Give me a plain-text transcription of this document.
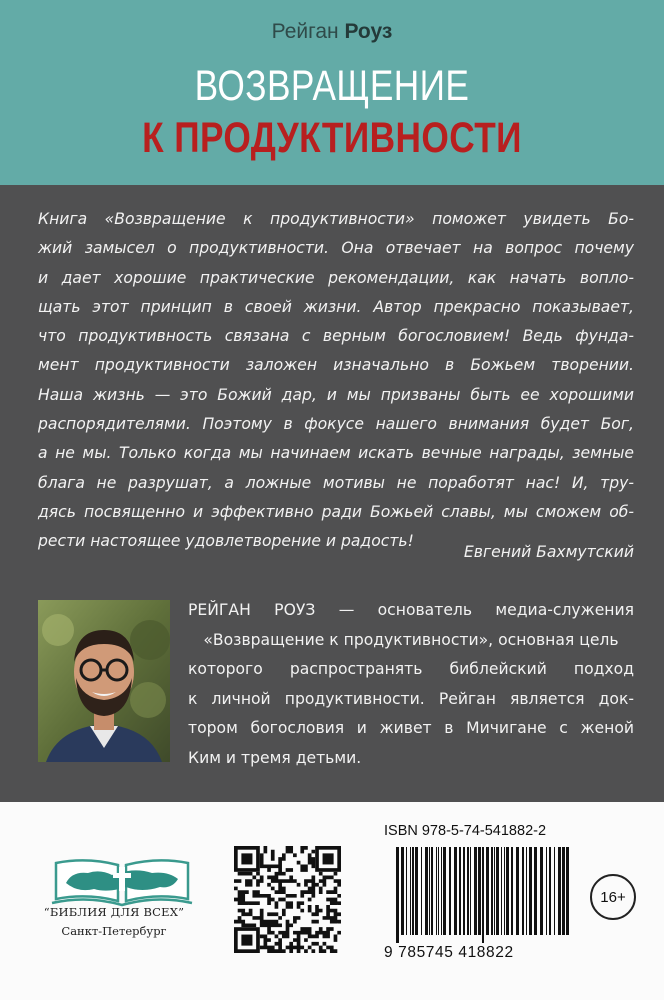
Рейган Роуз
ВОЗВРАЩЕНИЕ
К ПРОДУКТИВНОСТИ
Книга «Возвращение к продуктивности» поможет увидеть Бо-
жий замысел о продуктивности. Она отвечает на вопрос почему
и дает хорошие практические рекомендации, как начать вопло-
щать этот принцип в своей жизни. Автор прекрасно показывает,
что продуктивность связана с верным богословием! Ведь фунда-
мент продуктивности заложен изначально в Божьем творении.
Наша жизнь — это Божий дар, и мы призваны быть ее хорошими
распорядителями. Поэтому в фокусе нашего внимания будет Бог,
а не мы. Только когда мы начинаем искать вечные награды, земные
блага не разрушат, а ложные мотивы не поработят нас! И, тру-
дясь посвященно и эффективно ради Божьей славы, мы сможем об-
рести настоящее удовлетворение и радость!
Евгений Бахмутский
РЕЙГАН РОУЗ — основатель медиа-служения
«Возвращение к продуктивности», основная цель
которого распространять библейский подход
к личной продуктивности. Рейган является док-
тором богословия и живет в Мичигане с женой
Ким и тремя детьми.
“БИБЛИЯ ДЛЯ ВСЕХ”
Санкт-Петербург
ISBN 978-5-74-541882-2
9 785745 418822
16+
